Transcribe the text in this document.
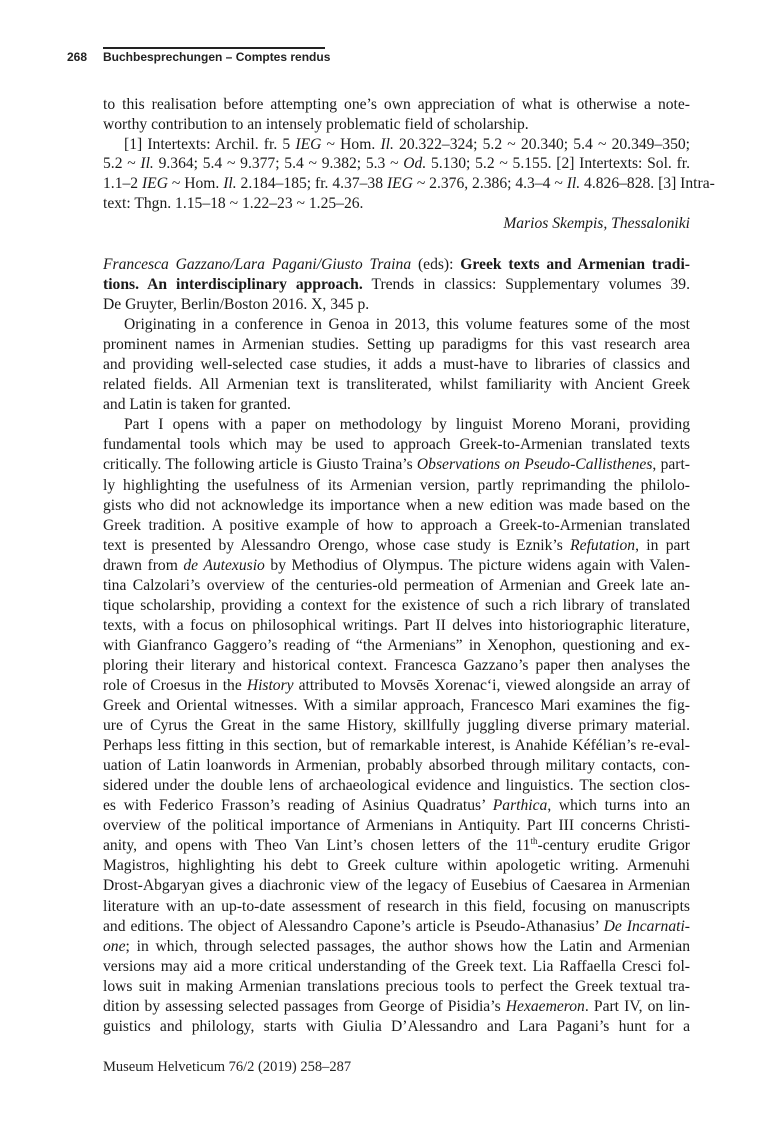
268 Buchbesprechungen – Comptes rendus
to this realisation before attempting one’s own appreciation of what is otherwise a note-
worthy contribution to an intensely problematic field of scholarship.
[1] Intertexts: Archil. fr. 5 IEG ~ Hom. Il. 20.322–324; 5.2 ~ 20.340; 5.4 ~ 20.349–350;
5.2 ~ Il. 9.364; 5.4 ~ 9.377; 5.4 ~ 9.382; 5.3 ~ Od. 5.130; 5.2 ~ 5.155. [2] Intertexts: Sol. fr.
1.1–2 IEG ~ Hom. Il. 2.184–185; fr. 4.37–38 IEG ~ 2.376, 2.386; 4.3–4 ~ Il. 4.826–828. [3] Intra-
text: Thgn. 1.15–18 ~ 1.22–23 ~ 1.25–26.
Marios Skempis, Thessaloniki
Francesca Gazzano/Lara Pagani/Giusto Traina (eds): Greek texts and Armenian tradi-
tions. An interdisciplinary approach. Trends in classics: Supplementary volumes 39.
De Gruyter, Berlin/Boston 2016. X, 345 p.
Originating in a conference in Genoa in 2013, this volume features some of the most
prominent names in Armenian studies. Setting up paradigms for this vast research area
and providing well-selected case studies, it adds a must-have to libraries of classics and
related fields. All Armenian text is transliterated, whilst familiarity with Ancient Greek
and Latin is taken for granted.
Part I opens with a paper on methodology by linguist Moreno Morani, providing
fundamental tools which may be used to approach Greek-to-Armenian translated texts
critically. The following article is Giusto Traina’s Observations on Pseudo-Callisthenes, part-
ly highlighting the usefulness of its Armenian version, partly reprimanding the philolo-
gists who did not acknowledge its importance when a new edition was made based on the
Greek tradition. A positive example of how to approach a Greek-to-Armenian translated
text is presented by Alessandro Orengo, whose case study is Eznik’s Refutation, in part
drawn from de Autexusio by Methodius of Olympus. The picture widens again with Valen-
tina Calzolari’s overview of the centuries-old permeation of Armenian and Greek late an-
tique scholarship, providing a context for the existence of such a rich library of translated
texts, with a focus on philosophical writings. Part II delves into historiographic literature,
with Gianfranco Gaggero’s reading of “the Armenians” in Xenophon, questioning and ex-
ploring their literary and historical context. Francesca Gazzano’s paper then analyses the
role of Croesus in the History attributed to Movsēs Xorenacʻi, viewed alongside an array of
Greek and Oriental witnesses. With a similar approach, Francesco Mari examines the fig-
ure of Cyrus the Great in the same History, skillfully juggling diverse primary material.
Perhaps less fitting in this section, but of remarkable interest, is Anahide Kéfélian’s re-eval-
uation of Latin loanwords in Armenian, probably absorbed through military contacts, con-
sidered under the double lens of archaeological evidence and linguistics. The section clos-
es with Federico Frasson’s reading of Asinius Quadratus’ Parthica, which turns into an
overview of the political importance of Armenians in Antiquity. Part III concerns Christi-
anity, and opens with Theo Van Lint’s chosen letters of the 11th-century erudite Grigor
Magistros, highlighting his debt to Greek culture within apologetic writing. Armenuhi
Drost-Abgaryan gives a diachronic view of the legacy of Eusebius of Caesarea in Armenian
literature with an up-to-date assessment of research in this field, focusing on manuscripts
and editions. The object of Alessandro Capone’s article is Pseudo-Athanasius’ De Incarnati-
one; in which, through selected passages, the author shows how the Latin and Armenian
versions may aid a more critical understanding of the Greek text. Lia Raffaella Cresci fol-
lows suit in making Armenian translations precious tools to perfect the Greek textual tra-
dition by assessing selected passages from George of Pisidia’s Hexaemeron. Part IV, on lin-
guistics and philology, starts with Giulia D’Alessandro and Lara Pagani’s hunt for a
Museum Helveticum 76/2 (2019) 258–287
